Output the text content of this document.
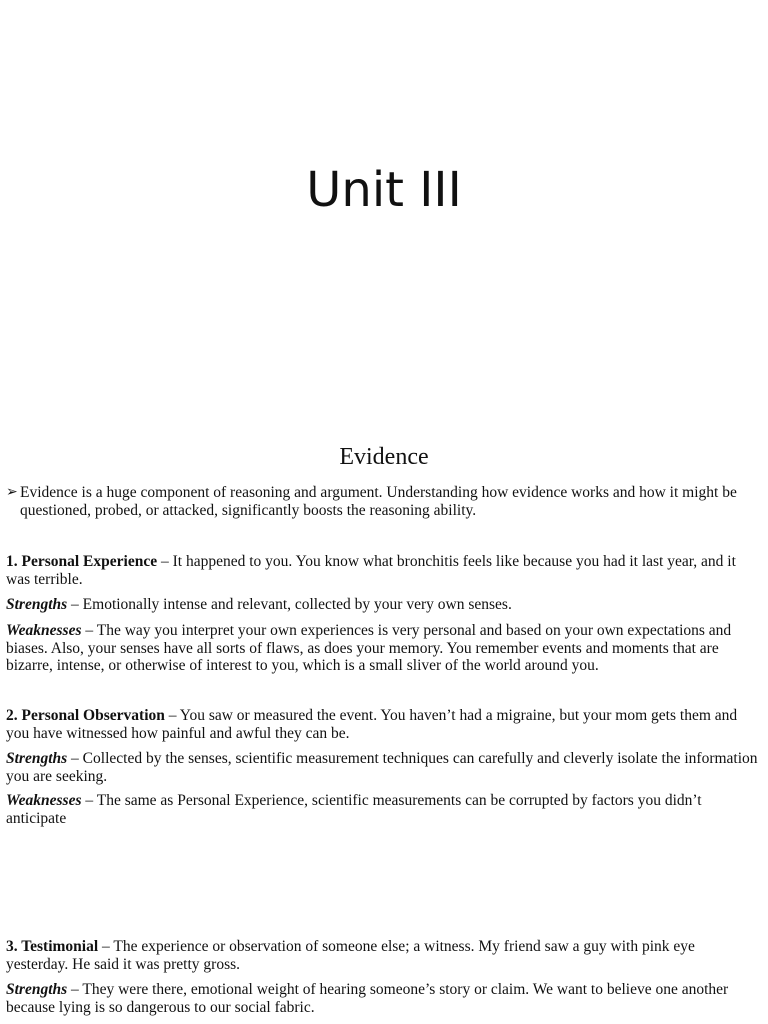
Unit III
Evidence
➢ Evidence is a huge component of reasoning and argument. Understanding how evidence works and how it might be questioned, probed, or attacked, significantly boosts the reasoning ability.
1. Personal Experience – It happened to you. You know what bronchitis feels like because you had it last year, and it was terrible.
Strengths – Emotionally intense and relevant, collected by your very own senses.
Weaknesses – The way you interpret your own experiences is very personal and based on your own expectations and biases. Also, your senses have all sorts of flaws, as does your memory. You remember events and moments that are bizarre, intense, or otherwise of interest to you, which is a small sliver of the world around you.
2. Personal Observation – You saw or measured the event. You haven’t had a migraine, but your mom gets them and you have witnessed how painful and awful they can be.
Strengths – Collected by the senses, scientific measurement techniques can carefully and cleverly isolate the information you are seeking.
Weaknesses – The same as Personal Experience, scientific measurements can be corrupted by factors you didn’t anticipate
3. Testimonial – The experience or observation of someone else; a witness. My friend saw a guy with pink eye yesterday. He said it was pretty gross.
Strengths – They were there, emotional weight of hearing someone’s story or claim. We want to believe one another because lying is so dangerous to our social fabric.
